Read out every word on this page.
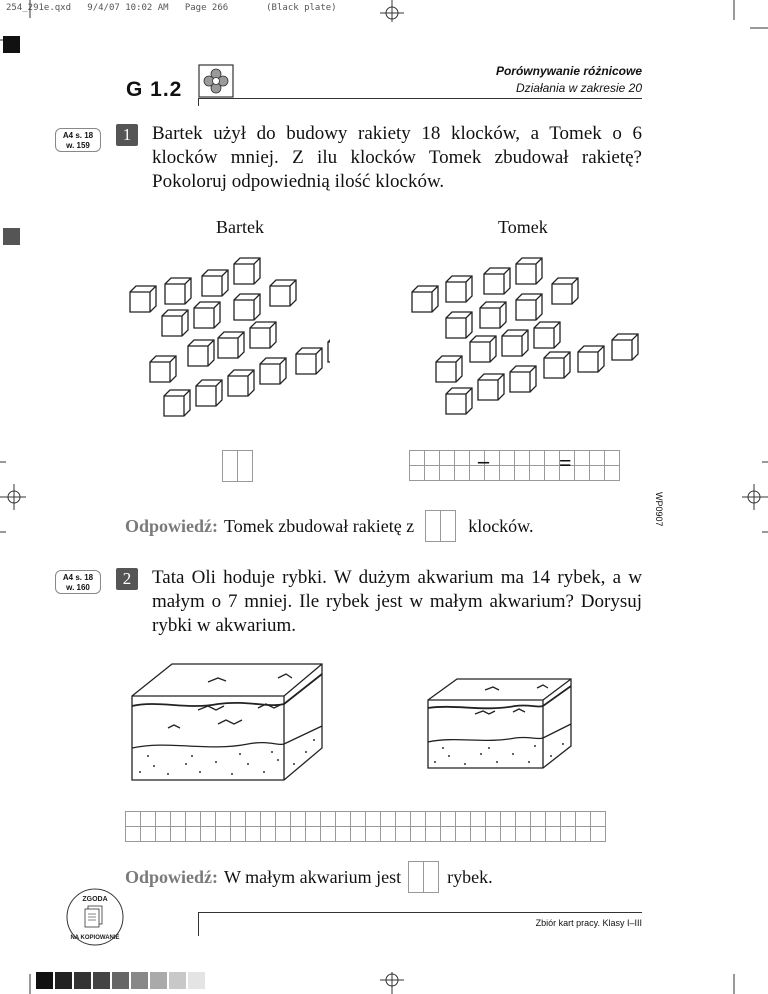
254_291e.qxd 9/4/07 10:02 AM Page 266	(Black plate)
G 1.2
Porównywanie różnicowe
Działania w zakresie 20
WP0907
A4 s. 18
w. 159
1	Bartek użył do budowy rakiety 18 klocków, a Tomek o 6 klocków mniej. Z ilu klocków Tomek zbudował rakietę? Pokoloruj odpowiednią ilość klocków.
Bartek	Tomek
–	=
Odpowiedź: Tomek zbudował rakietę z	klocków.
A4 s. 18
w. 160	2	Tata Oli hoduje rybki. W dużym akwarium ma 14 rybek, a w małym o 7 mniej. Ile rybek jest w małym akwarium? Dorysuj rybki w akwarium.
Odpowiedź: W małym akwarium jest	rybek.
ZGODA
NA KOPIOWANIE
Zbiór kart pracy. Klasy I–III
